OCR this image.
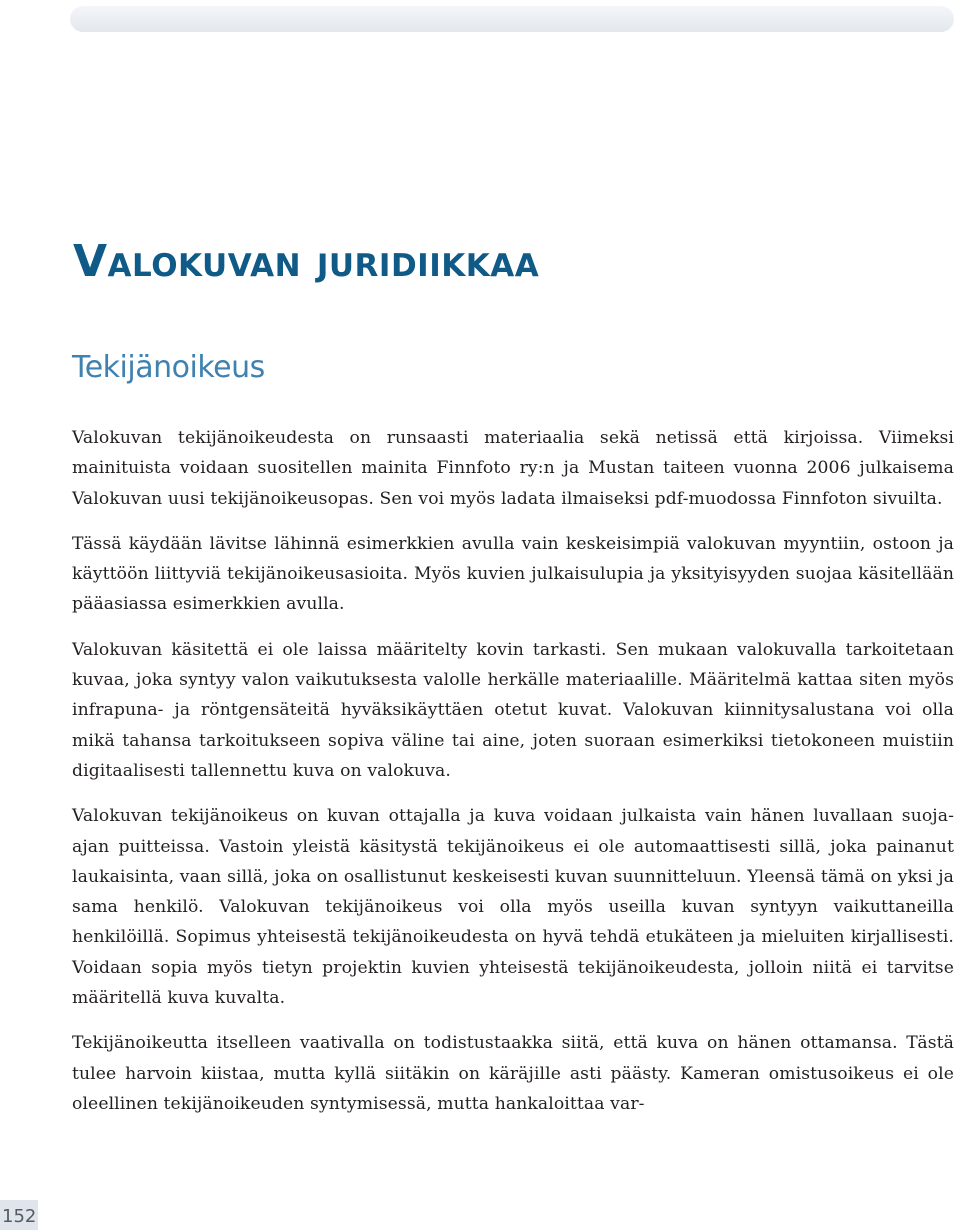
Valokuvan juridiikkaa
Tekijänoikeus

Valokuvan tekijänoikeudesta on runsaasti materiaalia sekä netissä että kirjoissa. Viimeksi mainituista voidaan suositellen mainita Finnfoto ry:n ja Mustan taiteen vuonna 2006 julkaisema Valokuvan uusi tekijänoikeusopas. Sen voi myös ladata ilmaiseksi pdf-muodossa Finnfoton sivuilta.

Tässä käydään lävitse lähinnä esimerkkien avulla vain keskeisimpiä valokuvan myyntiin, ostoon ja käyttöön liittyviä tekijänoikeusasioita. Myös kuvien julkaisulupia ja yksityisyyden suojaa käsitellään pääasiassa esimerkkien avulla.

Valokuvan käsitettä ei ole laissa määritelty kovin tarkasti. Sen mukaan valokuvalla tarkoitetaan kuvaa, joka syntyy valon vaikutuksesta valolle herkälle materiaalille. Määritelmä kattaa siten myös infrapuna- ja röntgensäteitä hyväksikäyttäen otetut kuvat. Valokuvan kiinnitysalustana voi olla mikä tahansa tarkoitukseen sopiva väline tai aine, joten suoraan esimerkiksi tietokoneen muistiin digitaalisesti tallennettu kuva on valokuva.

Valokuvan tekijänoikeus on kuvan ottajalla ja kuva voidaan julkaista vain hänen luvallaan suoja-ajan puitteissa. Vastoin yleistä käsitystä tekijänoikeus ei ole automaattisesti sillä, joka painanut laukaisinta, vaan sillä, joka on osallistunut keskeisesti kuvan suunnitteluun. Yleensä tämä on yksi ja sama henkilö. Valokuvan tekijänoikeus voi olla myös useilla kuvan syntyyn vaikuttaneilla henkilöillä. Sopimus yhteisestä tekijänoikeudesta on hyvä tehdä etukäteen ja mieluiten kirjallisesti. Voidaan sopia myös tietyn projektin kuvien yhteisestä tekijänoikeudesta, jolloin niitä ei tarvitse määritellä kuva kuvalta.

Tekijänoikeutta itselleen vaativalla on todistustaakka siitä, että kuva on hänen ottamansa. Tästä tulee harvoin kiistaa, mutta kyllä siitäkin on käräjille asti päästy. Kameran omistusoikeus ei ole oleellinen tekijänoikeuden syntymisessä, mutta hankaloittaa var-

152
